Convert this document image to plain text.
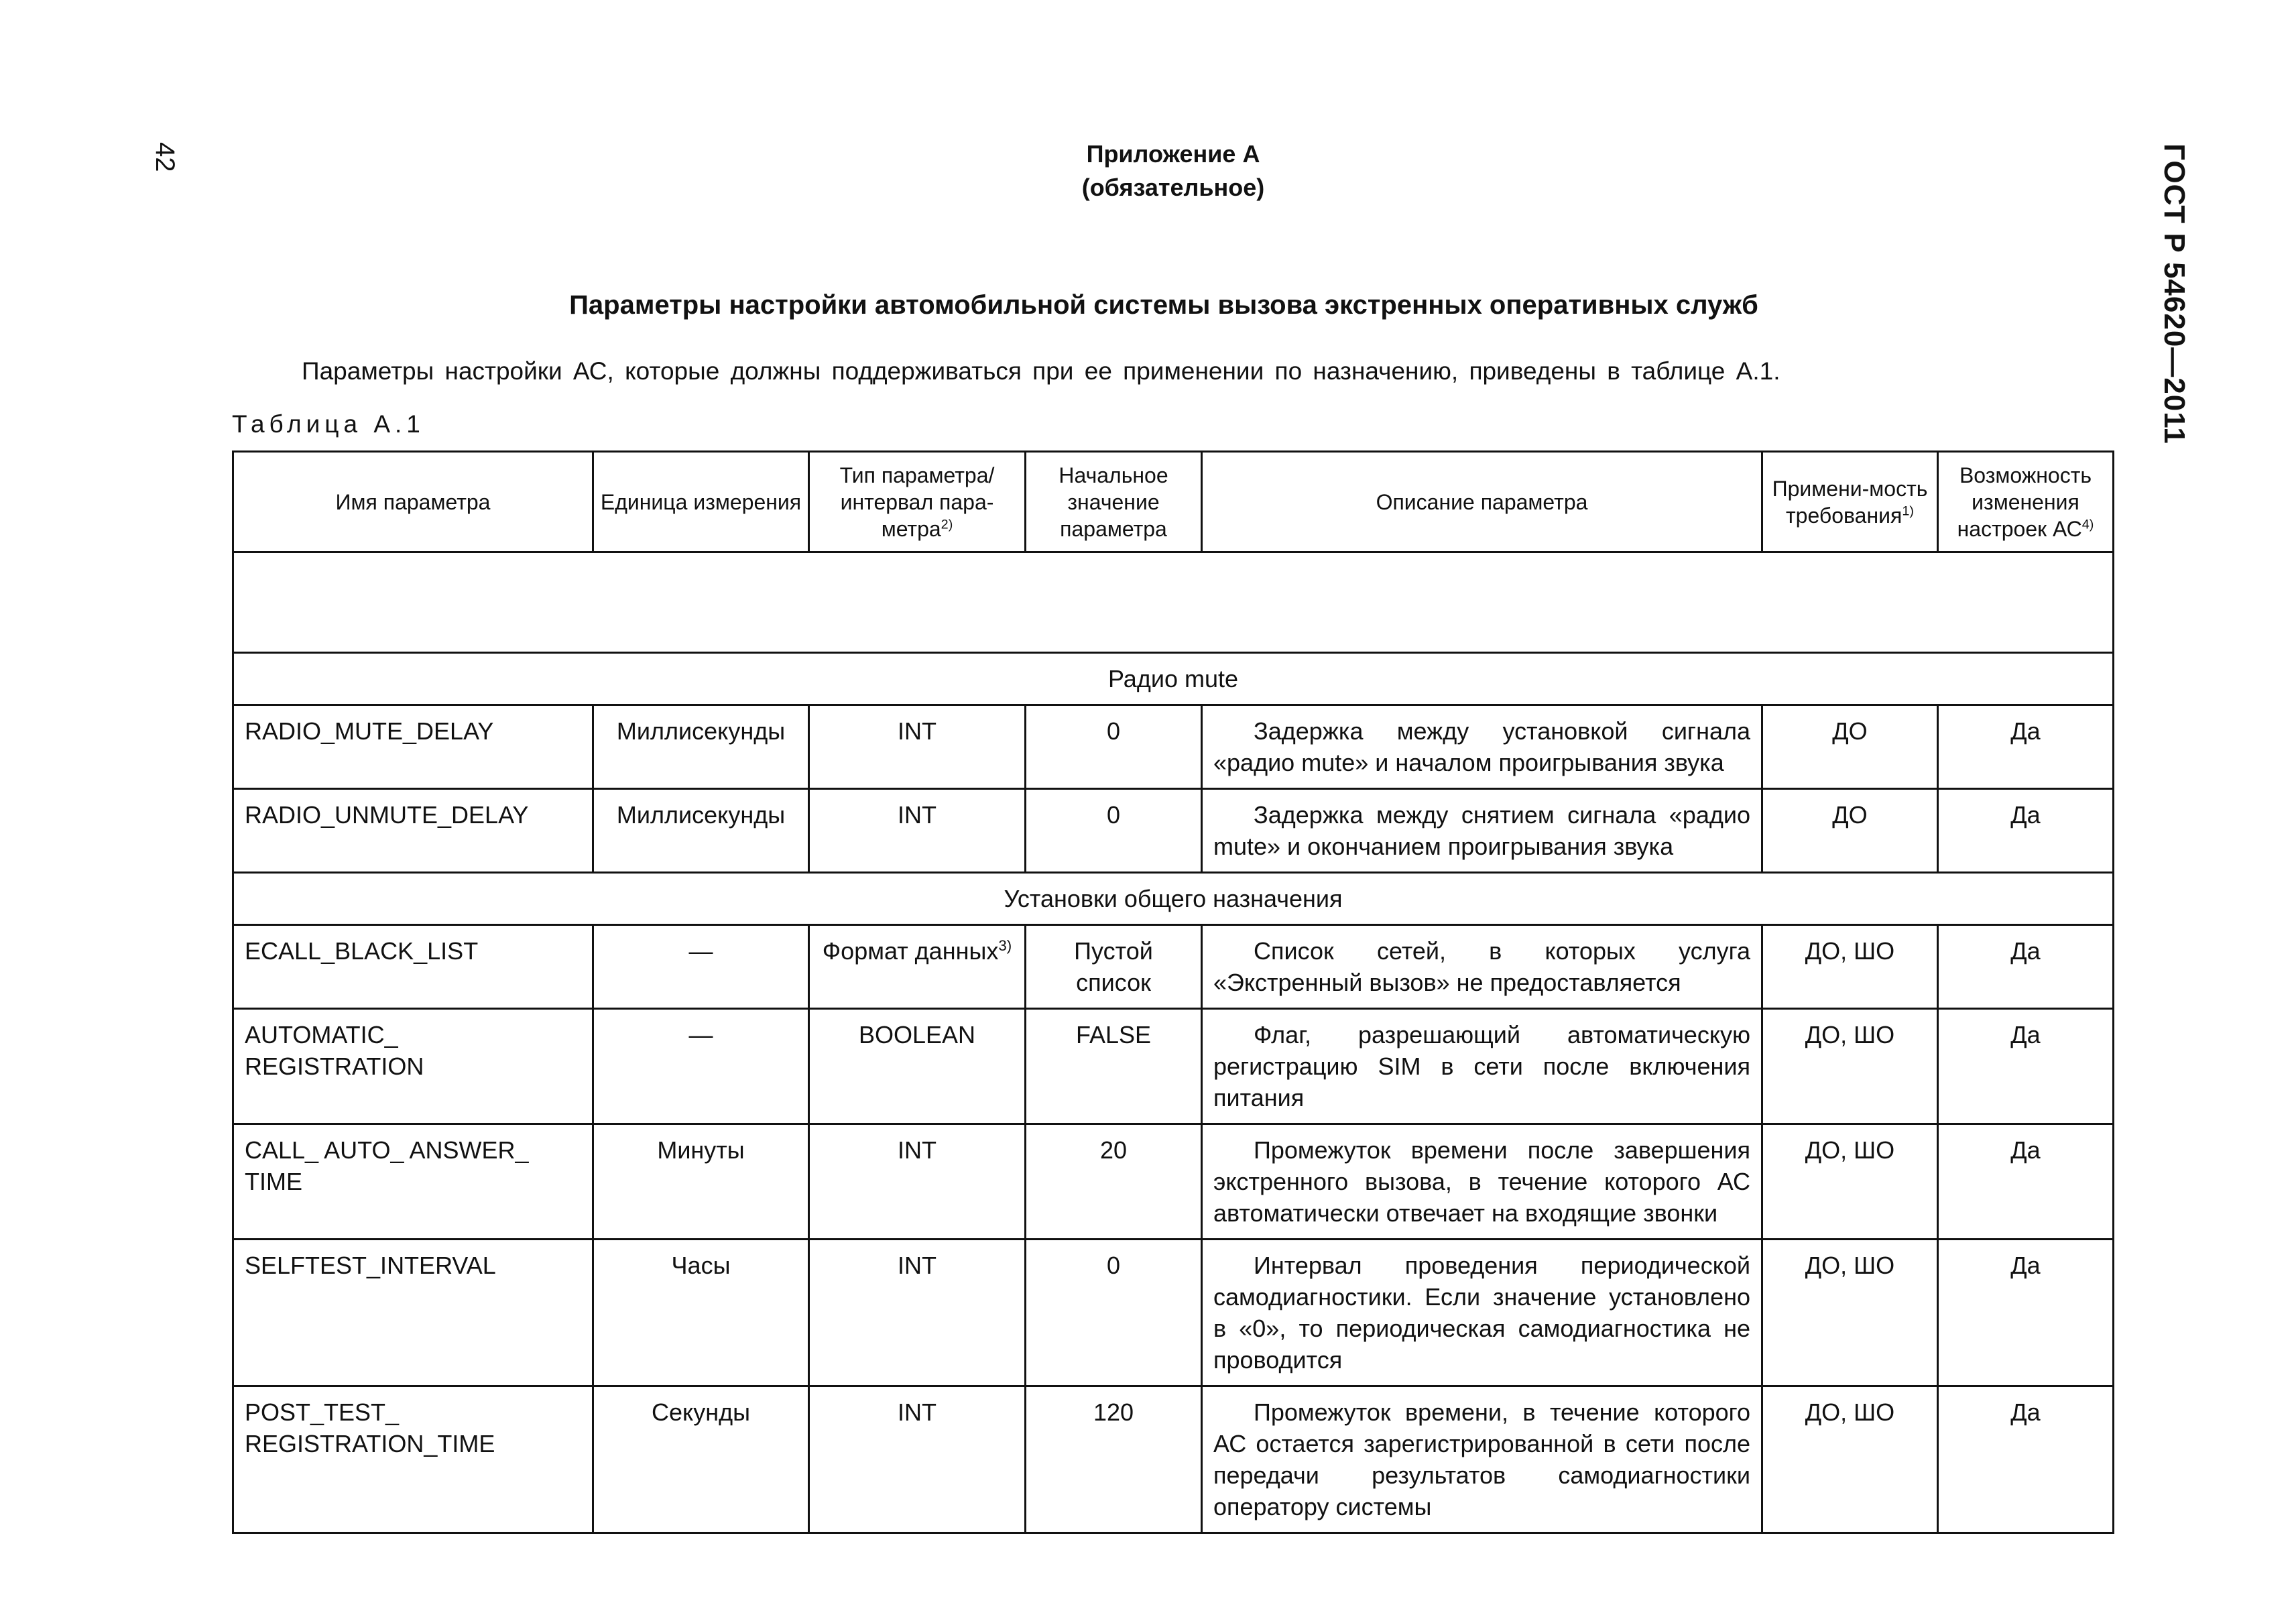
42	ГОСТ Р 54620—2011
Приложение А
(обязательное)
Параметры настройки автомобильной системы вызова экстренных оперативных служб
Параметры настройки АС, которые должны поддерживаться при ее применении по назначению, приведены в таблице А.1.
Таблица А.1
Имя параметра	Единица измерения	Тип параметра/ интервал пара-метра$^{2)}$	Начальное значение параметра	Описание параметра	Примени-мость требования$^{1)}$	Возможность изменения настроек АС$^{4)}$

Радио mute						
RADIO_MUTE_DELAY	Миллисекунды	INT	0	Задержка между установкой сигнала «радио mute» и началом проигрывания звука	ДО	Да
RADIO_UNMUTE_DELAY	Миллисекунды	INT	0	Задержка между снятием сигнала «радио mute» и окончанием проигрывания звука	ДО	Да
Установки общего назначения						
ECALL_BLACK_LIST	—	Формат данных$^{3)}$	Пустой список	Список сетей, в которых услуга «Экстренный вызов» не предоставляется	ДО, ШО	Да
AUTOMATIC_ REGISTRATION	—	BOOLEAN	FALSE	Флаг, разрешающий автоматическую регистрацию SIM в сети после включения питания	ДО, ШО	Да
CALL_ AUTO_ ANSWER_ TIME	Минуты	INT	20	Промежуток времени после завершения экстренного вызова, в течение которого АС автоматически отвечает на входящие звонки	ДО, ШО	Да
SELFTEST_INTERVAL	Часы	INT	0	Интервал проведения периодической самодиагностики. Если значение установлено в «0», то периодическая самодиагностика не проводится	ДО, ШО	Да
POST_TEST_ REGISTRATION_TIME	Секунды	INT	120	Промежуток времени, в течение которого АС остается зарегистрированной в сети после передачи результатов самодиагностики оператору системы	ДО, ШО	Да
